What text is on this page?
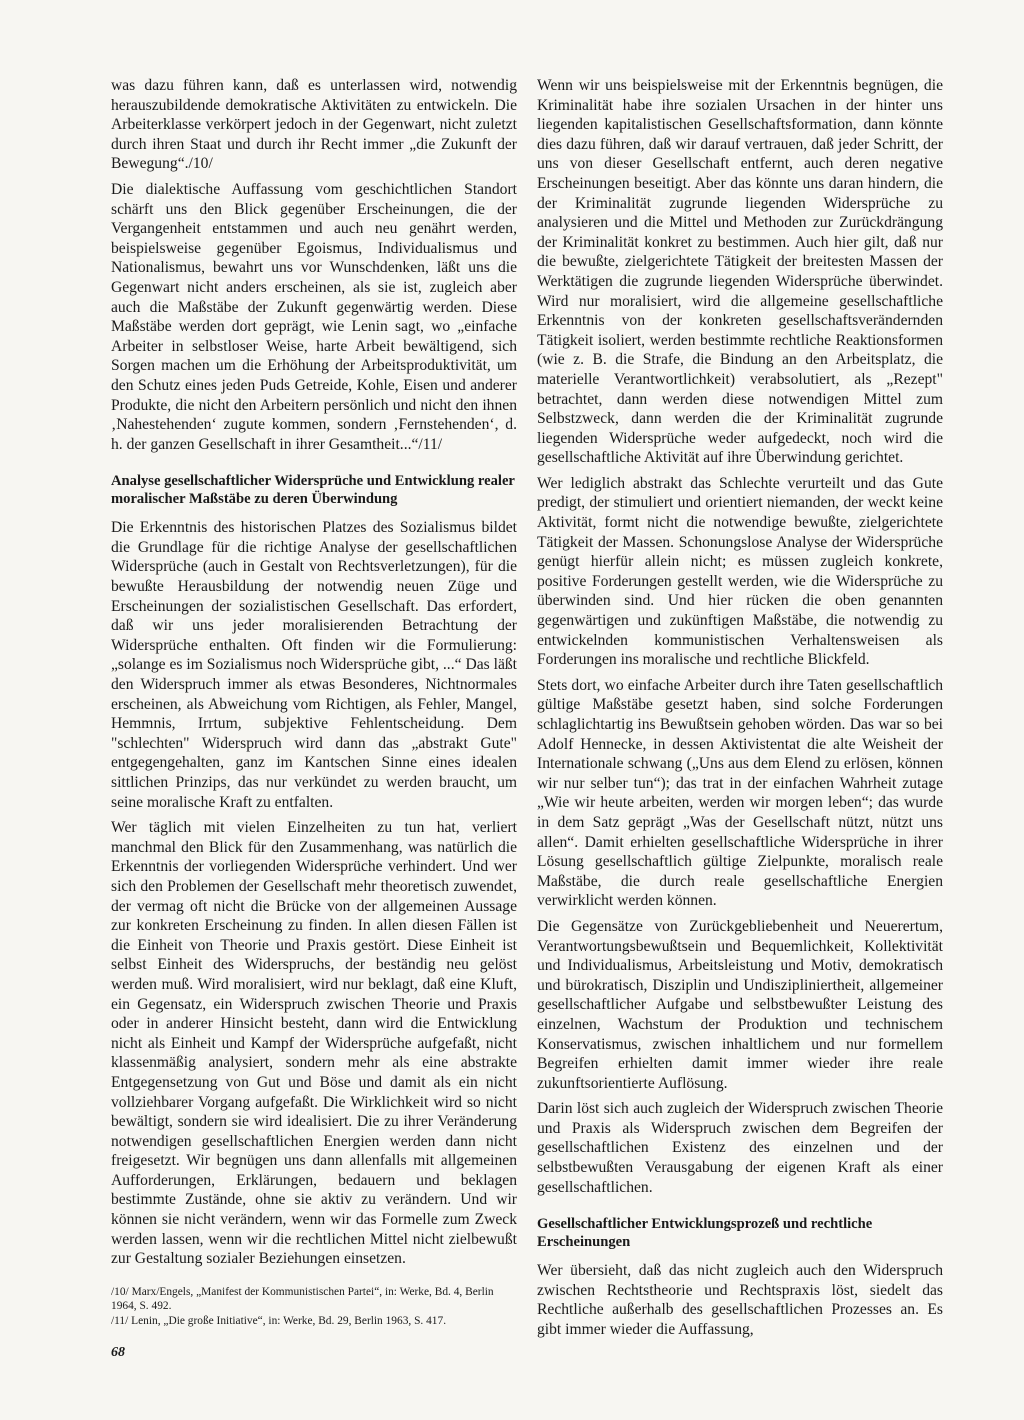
was dazu führen kann, daß es unterlassen wird, notwendig herauszubildende demokratische Aktivitäten zu entwickeln. Die Arbeiterklasse verkörpert jedoch in der Gegenwart, nicht zuletzt durch ihren Staat und durch ihr Recht immer „die Zukunft der Bewegung“./10/

Die dialektische Auffassung vom geschichtlichen Standort schärft uns den Blick gegenüber Erscheinungen, die der Vergangenheit entstammen und auch neu genährt werden, beispielsweise gegenüber Egoismus, Individualismus und Nationalismus, bewahrt uns vor Wunschdenken, läßt uns die Gegenwart nicht anders erscheinen, als sie ist, zugleich aber auch die Maßstäbe der Zukunft gegenwärtig werden. Diese Maßstäbe werden dort geprägt, wie Lenin sagt, wo „einfache Arbeiter in selbstloser Weise, harte Arbeit bewältigend, sich Sorgen machen um die Erhöhung der Arbeitsproduktivität, um den Schutz eines jeden Puds Getreide, Kohle, Eisen und anderer Produkte, die nicht den Arbeitern persönlich und nicht den ihnen ‚Nahestehenden‘ zugute kommen, sondern ‚Fernstehenden‘, d. h. der ganzen Gesellschaft in ihrer Gesamtheit...“/11/

Analyse gesellschaftlicher Widersprüche und Entwicklung realer moralischer Maßstäbe zu deren Überwindung

Die Erkenntnis des historischen Platzes des Sozialismus bildet die Grundlage für die richtige Analyse der gesellschaftlichen Widersprüche (auch in Gestalt von Rechtsverletzungen), für die bewußte Herausbildung der notwendig neuen Züge und Erscheinungen der sozialistischen Gesellschaft. Das erfordert, daß wir uns jeder moralisierenden Betrachtung der Widersprüche enthalten. Oft finden wir die Formulierung: „solange es im Sozialismus noch Widersprüche gibt, ...“ Das läßt den Widerspruch immer als etwas Besonderes, Nichtnormales erscheinen, als Abweichung vom Richtigen, als Fehler, Mangel, Hemmnis, Irrtum, subjektive Fehlentscheidung. Dem "schlechten" Widerspruch wird dann das „abstrakt Gute" entgegengehalten, ganz im Kantschen Sinne eines idealen sittlichen Prinzips, das nur verkündet zu werden braucht, um seine moralische Kraft zu entfalten.

Wer täglich mit vielen Einzelheiten zu tun hat, verliert manchmal den Blick für den Zusammenhang, was natürlich die Erkenntnis der vorliegenden Widersprüche verhindert. Und wer sich den Problemen der Gesellschaft mehr theoretisch zuwendet, der vermag oft nicht die Brücke von der allgemeinen Aussage zur konkreten Erscheinung zu finden. In allen diesen Fällen ist die Einheit von Theorie und Praxis gestört. Diese Einheit ist selbst Einheit des Widerspruchs, der beständig neu gelöst werden muß. Wird moralisiert, wird nur beklagt, daß eine Kluft, ein Gegensatz, ein Widerspruch zwischen Theorie und Praxis oder in anderer Hinsicht besteht, dann wird die Entwicklung nicht als Einheit und Kampf der Widersprüche aufgefaßt, nicht klassenmäßig analysiert, sondern mehr als eine abstrakte Entgegensetzung von Gut und Böse und damit als ein nicht vollziehbarer Vorgang aufgefaßt. Die Wirklichkeit wird so nicht bewältigt, sondern sie wird idealisiert. Die zu ihrer Veränderung notwendigen gesellschaftlichen Energien werden dann nicht freigesetzt. Wir begnügen uns dann allenfalls mit allgemeinen Aufforderungen, Erklärungen, bedauern und beklagen bestimmte Zustände, ohne sie aktiv zu verändern. Und wir können sie nicht verändern, wenn wir das Formelle zum Zweck werden lassen, wenn wir die rechtlichen Mittel nicht zielbewußt zur Gestaltung sozialer Beziehungen einsetzen.

/10/ Marx/Engels, „Manifest der Kommunistischen Partei“, in: Werke, Bd. 4, Berlin 1964, S. 492.
/11/ Lenin, „Die große Initiative“, in: Werke, Bd. 29, Berlin 1963, S. 417.

Wenn wir uns beispielsweise mit der Erkenntnis begnügen, die Kriminalität habe ihre sozialen Ursachen in der hinter uns liegenden kapitalistischen Gesellschaftsformation, dann könnte dies dazu führen, daß wir darauf vertrauen, daß jeder Schritt, der uns von dieser Gesellschaft entfernt, auch deren negative Erscheinungen beseitigt. Aber das könnte uns daran hindern, die der Kriminalität zugrunde liegenden Widersprüche zu analysieren und die Mittel und Methoden zur Zurückdrängung der Kriminalität konkret zu bestimmen. Auch hier gilt, daß nur die bewußte, zielgerichtete Tätigkeit der breitesten Massen der Werktätigen die zugrunde liegenden Widersprüche überwindet. Wird nur moralisiert, wird die allgemeine gesellschaftliche Erkenntnis von der konkreten gesellschaftsverändernden Tätigkeit isoliert, werden bestimmte rechtliche Reaktionsformen (wie z. B. die Strafe, die Bindung an den Arbeitsplatz, die materielle Verantwortlichkeit) verabsolutiert, als „Rezept" betrachtet, dann werden diese notwendigen Mittel zum Selbstzweck, dann werden die der Kriminalität zugrunde liegenden Widersprüche weder aufgedeckt, noch wird die gesellschaftliche Aktivität auf ihre Überwindung gerichtet.

Wer lediglich abstrakt das Schlechte verurteilt und das Gute predigt, der stimuliert und orientiert niemanden, der weckt keine Aktivität, formt nicht die notwendige bewußte, zielgerichtete Tätigkeit der Massen. Schonungslose Analyse der Widersprüche genügt hierfür allein nicht; es müssen zugleich konkrete, positive Forderungen gestellt werden, wie die Widersprüche zu überwinden sind. Und hier rücken die oben genannten gegenwärtigen und zukünftigen Maßstäbe, die notwendig zu entwickelnden kommunistischen Verhaltensweisen als Forderungen ins moralische und rechtliche Blickfeld.

Stets dort, wo einfache Arbeiter durch ihre Taten gesellschaftlich gültige Maßstäbe gesetzt haben, sind solche Forderungen schlaglichtartig ins Bewußtsein gehoben wörden. Das war so bei Adolf Hennecke, in dessen Aktivistentat die alte Weisheit der Internationale schwang („Uns aus dem Elend zu erlösen, können wir nur selber tun“); das trat in der einfachen Wahrheit zutage „Wie wir heute arbeiten, werden wir morgen leben“; das wurde in dem Satz geprägt „Was der Gesellschaft nützt, nützt uns allen“. Damit erhielten gesellschaftliche Widersprüche in ihrer Lösung gesellschaftlich gültige Zielpunkte, moralisch reale Maßstäbe, die durch reale gesellschaftliche Energien verwirklicht werden können.

Die Gegensätze von Zurückgebliebenheit und Neuerertum, Verantwortungsbewußtsein und Bequemlichkeit, Kollektivität und Individualismus, Arbeitsleistung und Motiv, demokratisch und bürokratisch, Disziplin und Undiszipliniertheit, allgemeiner gesellschaftlicher Aufgabe und selbstbewußter Leistung des einzelnen, Wachstum der Produktion und technischem Konservatismus, zwischen inhaltlichem und nur formellem Begreifen erhielten damit immer wieder ihre reale zukunftsorientierte Auflösung.

Darin löst sich auch zugleich der Widerspruch zwischen Theorie und Praxis als Widerspruch zwischen dem Begreifen der gesellschaftlichen Existenz des einzelnen und der selbstbewußten Verausgabung der eigenen Kraft als einer gesellschaftlichen.

Gesellschaftlicher Entwicklungsprozeß und rechtliche Erscheinungen

Wer übersieht, daß das nicht zugleich auch den Widerspruch zwischen Rechtstheorie und Rechtspraxis löst, siedelt das Rechtliche außerhalb des gesellschaftlichen Prozesses an. Es gibt immer wieder die Auffassung,

68
